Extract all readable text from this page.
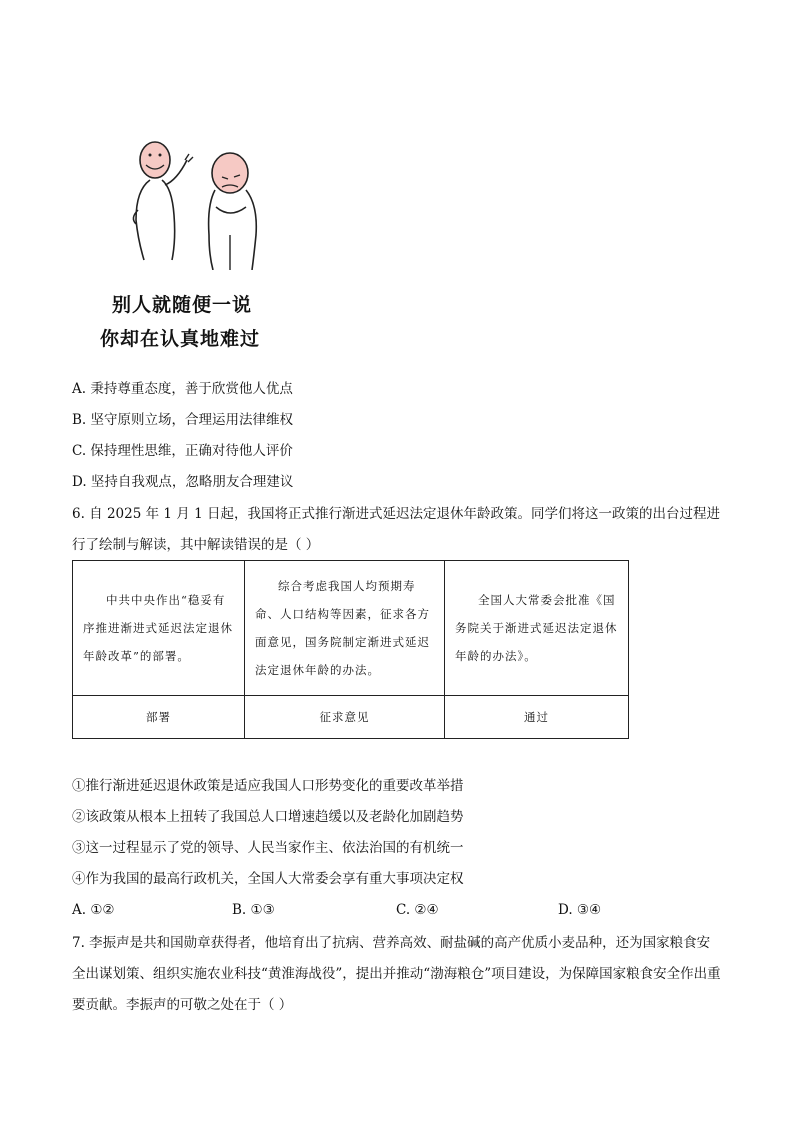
别人就随便一说
你却在认真地难过
A. 秉持尊重态度，善于欣赏他人优点
B. 坚守原则立场，合理运用法律维权
C. 保持理性思维，正确对待他人评价
D. 坚持自我观点，忽略朋友合理建议
6. 自 2025 年 1 月 1 日起，我国将正式推行渐进式延迟法定退休年龄政策。同学们将这一政策的出台过程进行了绘制与解读，其中解读错误的是（ ）
中共中央作出“稳妥有序推进渐进式延迟法定退休年龄改革”的部署。	综合考虑我国人均预期寿命、人口结构等因素，征求各方面意见，国务院制定渐进式延迟法定退休年龄的办法。	全国人大常委会批准《国务院关于渐进式延迟法定退休年龄的办法》。
部署	征求意见	通过
①推行渐进延迟退休政策是适应我国人口形势变化的重要改革举措
②该政策从根本上扭转了我国总人口增速趋缓以及老龄化加剧趋势
③这一过程显示了党的领导、人民当家作主、依法治国的有机统一
④作为我国的最高行政机关，全国人大常委会享有重大事项决定权
A. ①②	B. ①③	C. ②④	D. ③④
7. 李振声是共和国勋章获得者，他培育出了抗病、营养高效、耐盐碱的高产优质小麦品种，还为国家粮食安全出谋划策、组织实施农业科技“黄淮海战役”，提出并推动“渤海粮仓”项目建设，为保障国家粮食安全作出重要贡献。李振声的可敬之处在于（ ）
